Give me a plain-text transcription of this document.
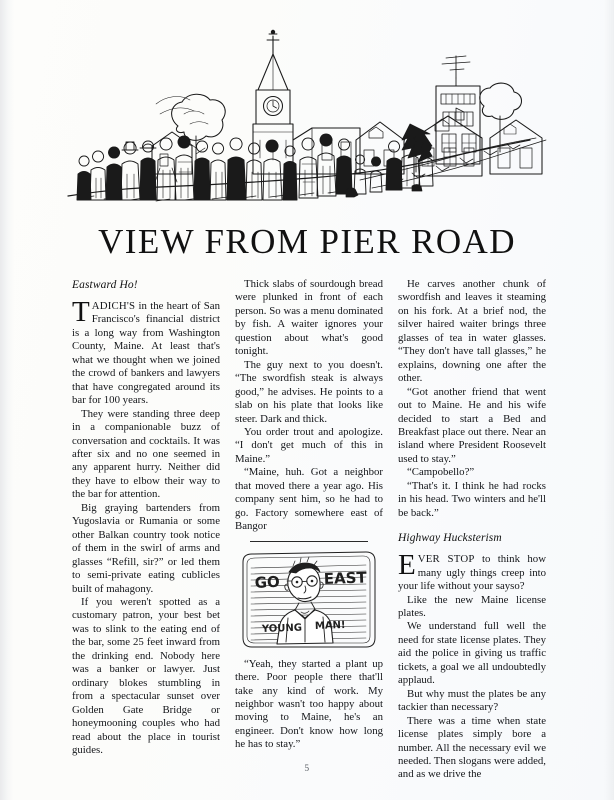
VIEW FROM PIER ROAD
Eastward Ho!

TADICH'S in the heart of San Francisco's financial district is a long way from Washington County, Maine. At least that's what we thought when we joined the crowd of bankers and lawyers that have congregated around its bar for 100 years.

They were standing three deep in a companionable buzz of conversation and cocktails. It was after six and no one seemed in any apparent hurry. Neither did they have to elbow their way to the bar for attention.

Big graying bartenders from Yugoslavia or Rumania or some other Balkan country took notice of them in the swirl of arms and glasses “Refill, sir?” or led them to semi-private eating cublicles built of mahagony.

If you weren't spotted as a customary patron, your best bet was to slink to the eating end of the bar, some 25 feet inward from the drinking end. Nobody here was a banker or lawyer. Just ordinary blokes stumbling in from a spectacular sunset over Golden Gate Bridge or honeymooning couples who had read about the place in tourist guides.

Thick slabs of sourdough bread were plunked in front of each person. So was a menu dominated by fish. A waiter ignores your question about what's good tonight.

The guy next to you doesn't. “The swordfish steak is always good,” he advises. He points to a slab on his plate that looks like steer. Dark and thick.

You order trout and apologize. “I don't get much of this in Maine.”

“Maine, huh. Got a neighbor that moved there a year ago. His company sent him, so he had to go. Factory somewhere east of Bangor

GO	EAST
YOUNG MAN!

“Yeah, they started a plant up there. Poor people there that'll take any kind of work. My neighbor wasn't too happy about moving to Maine, he's an engineer. Don't know how long he has to stay.”

He carves another chunk of swordfish and leaves it steaming on his fork. At a brief nod, the silver haired waiter brings three glasses of tea in water glasses. “They don't have tall glasses,” he explains, downing one after the other.

“Got another friend that went out to Maine. He and his wife decided to start a Bed and Breakfast place out there. Near an island where President Roosevelt used to stay.”

“Campobello?”

“That's it. I think he had rocks in his head. Two winters and he'll be back.”

Highway Hucksterism

EVER STOP to think how many ugly things creep into your life without your sayso?

Like the new Maine license plates.

We understand full well the need for state license plates. They aid the police in giving us traffic tickets, a goal we all undoubtedly applaud.

But why must the plates be any tackier than necessary?

There was a time when state license plates simply bore a number. All the necessary evil we needed. Then slogans were added, and as we drive the

5
